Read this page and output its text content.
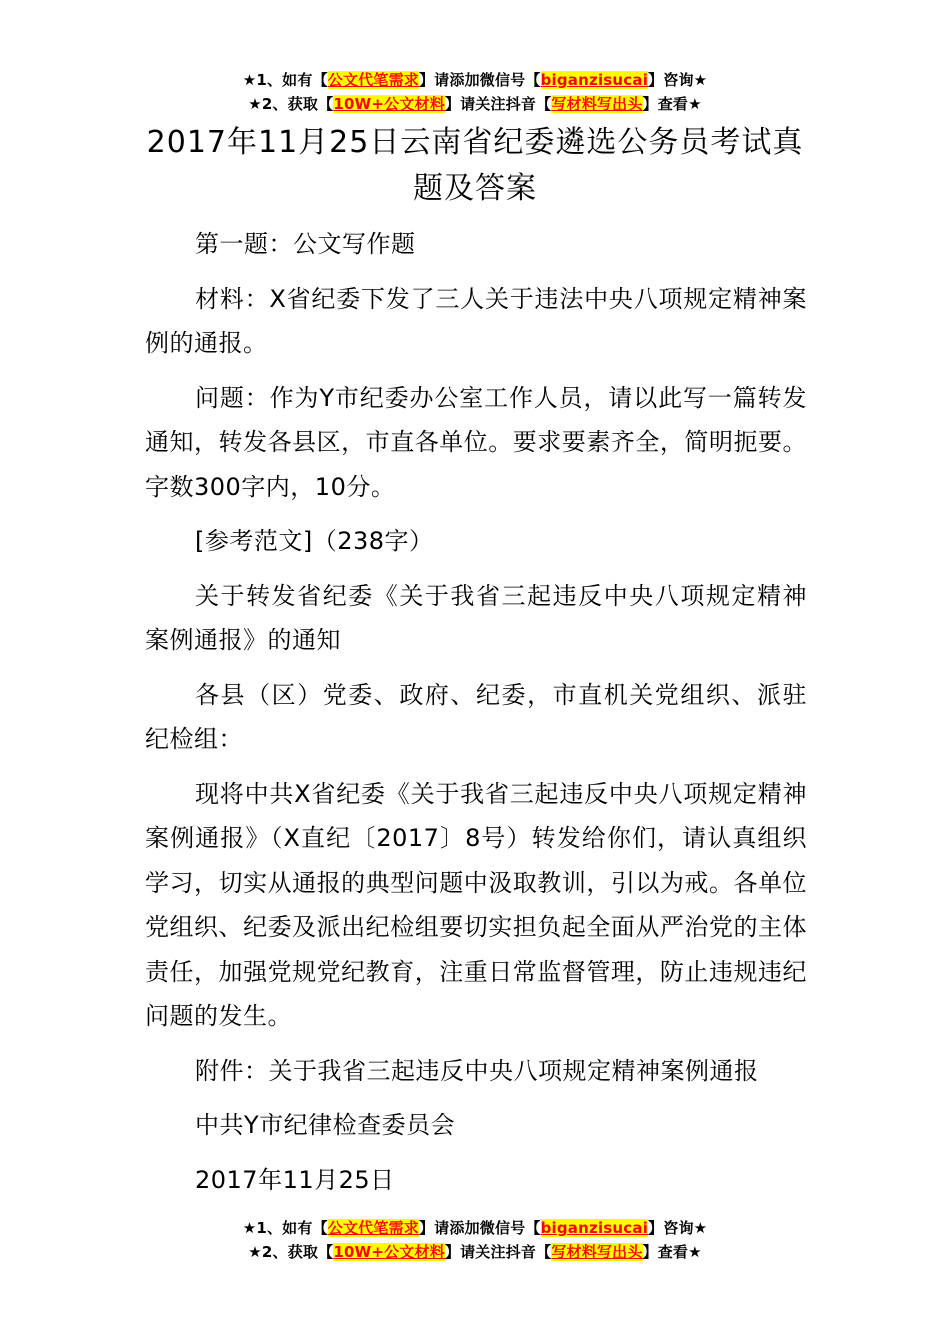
★1、如有【公文代笔需求】请添加微信号【biganzisucai】咨询★
★2、获取【10W+公文材料】请关注抖音【写材料写出头】查看★
2017年11月25日云南省纪委遴选公务员考试真题及答案

第一题：公文写作题

材料：X省纪委下发了三人关于违法中央八项规定精神案例的通报。

问题：作为Y市纪委办公室工作人员，请以此写一篇转发通知，转发各县区，市直各单位。要求要素齐全，简明扼要。字数300字内，10分。

[参考范文]（238字）

关于转发省纪委《关于我省三起违反中央八项规定精神案例通报》的通知

各县（区）党委、政府、纪委，市直机关党组织、派驻纪检组：

现将中共X省纪委《关于我省三起违反中央八项规定精神案例通报》（X直纪〔2017〕8号）转发给你们，请认真组织学习，切实从通报的典型问题中汲取教训，引以为戒。各单位党组织、纪委及派出纪检组要切实担负起全面从严治党的主体责任，加强党规党纪教育，注重日常监督管理，防止违规违纪问题的发生。

附件：关于我省三起违反中央八项规定精神案例通报

中共Y市纪律检查委员会

2017年11月25日

★1、如有【公文代笔需求】请添加微信号【biganzisucai】咨询★
★2、获取【10W+公文材料】请关注抖音【写材料写出头】查看★
